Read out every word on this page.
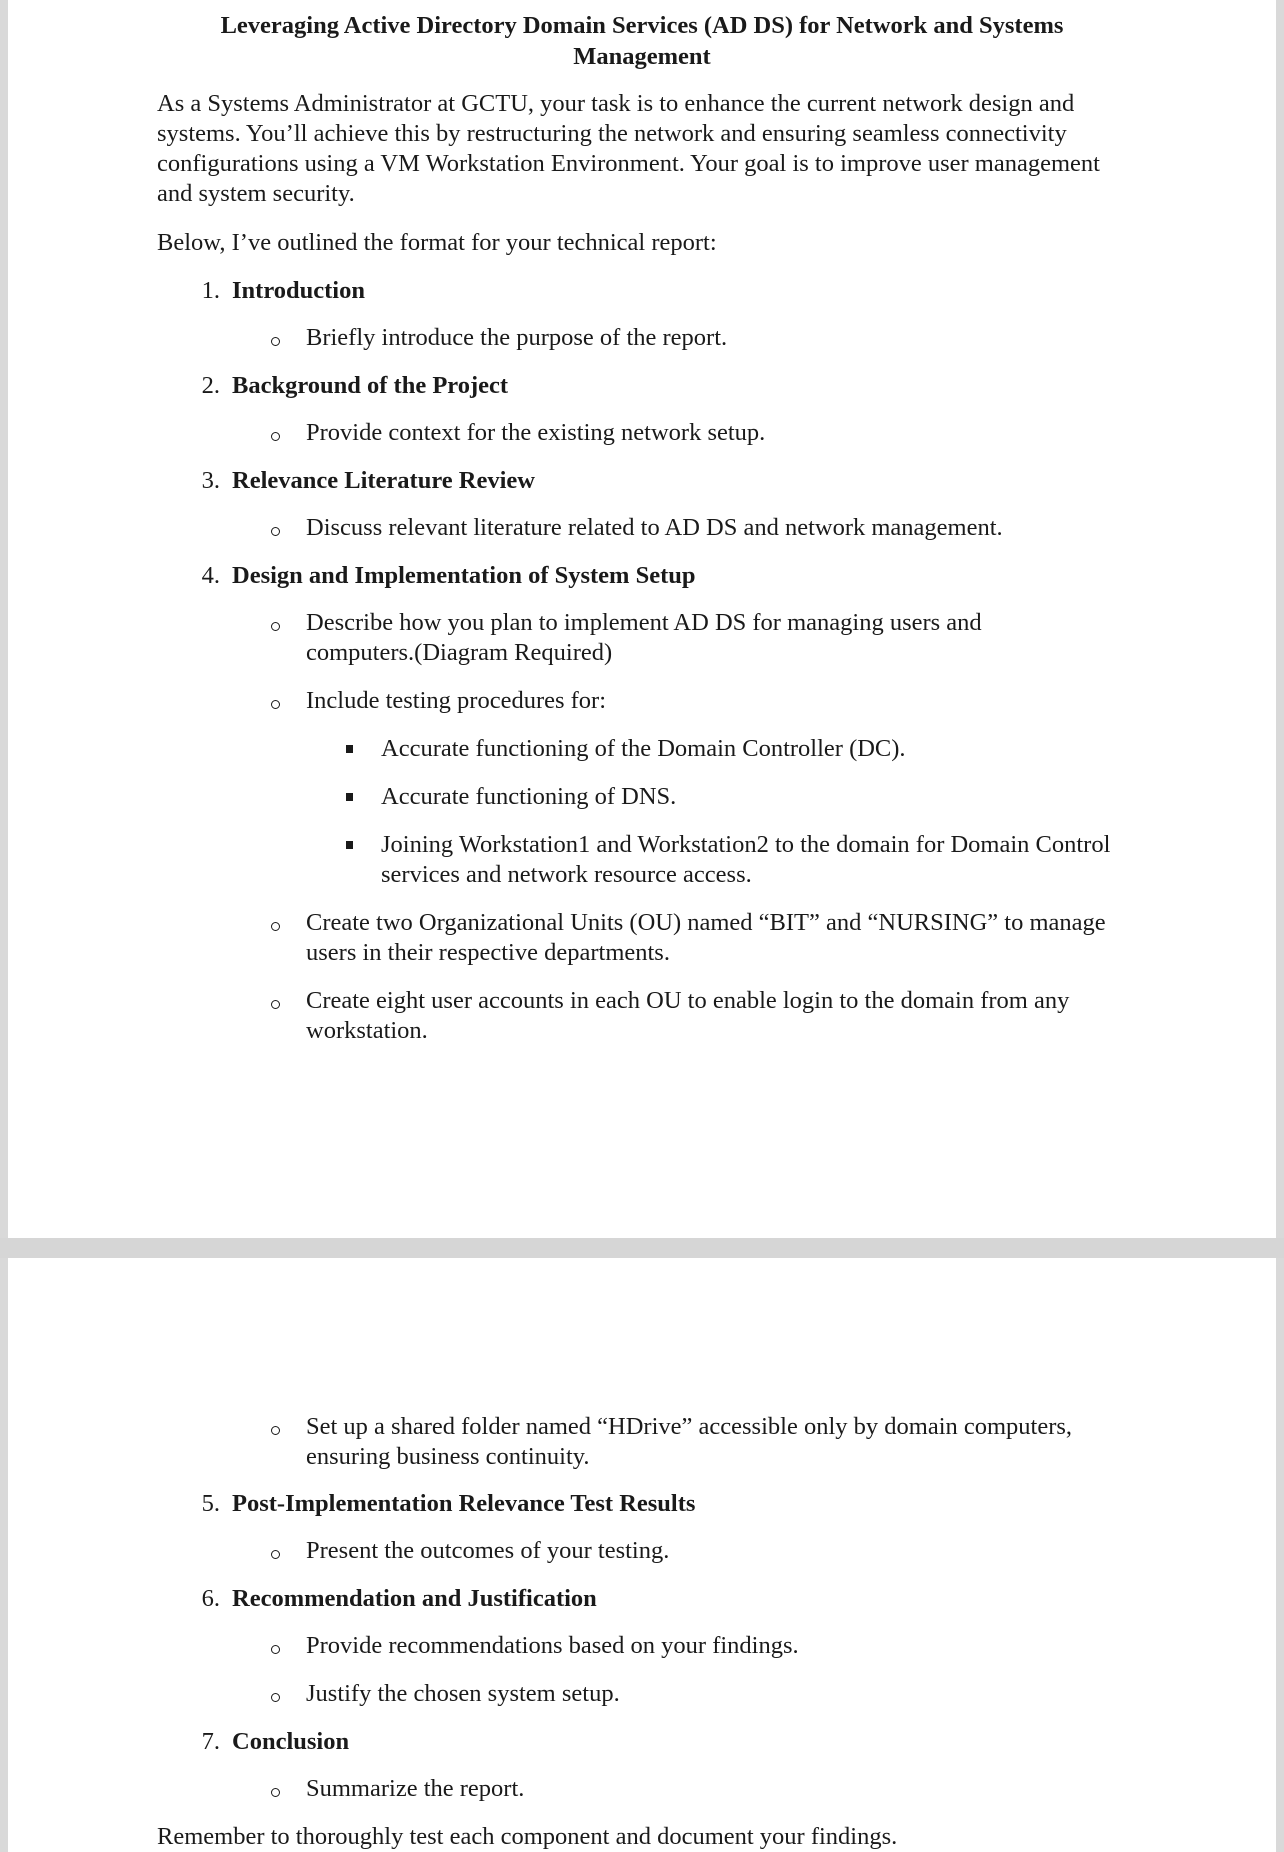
Leveraging Active Directory Domain Services (AD DS) for Network and Systems
Management
As a Systems Administrator at GCTU, your task is to enhance the current network design and
systems. You’ll achieve this by restructuring the network and ensuring seamless connectivity
configurations using a VM Workstation Environment. Your goal is to improve user management
and system security.
Below, I’ve outlined the format for your technical report:
1. Introduction
Briefly introduce the purpose of the report.
2. Background of the Project
Provide context for the existing network setup.
3. Relevance Literature Review
Discuss relevant literature related to AD DS and network management.
4. Design and Implementation of System Setup
Describe how you plan to implement AD DS for managing users and
computers.(Diagram Required)
Include testing procedures for:
Accurate functioning of the Domain Controller (DC).
Accurate functioning of DNS.
Joining Workstation1 and Workstation2 to the domain for Domain Control
services and network resource access.
Create two Organizational Units (OU) named “BIT” and “NURSING” to manage
users in their respective departments.
Create eight user accounts in each OU to enable login to the domain from any
workstation.
Set up a shared folder named “HDrive” accessible only by domain computers,
ensuring business continuity.
5. Post-Implementation Relevance Test Results
Present the outcomes of your testing.
6. Recommendation and Justification
Provide recommendations based on your findings.
Justify the chosen system setup.
7. Conclusion
Summarize the report.
Remember to thoroughly test each component and document your findings.
